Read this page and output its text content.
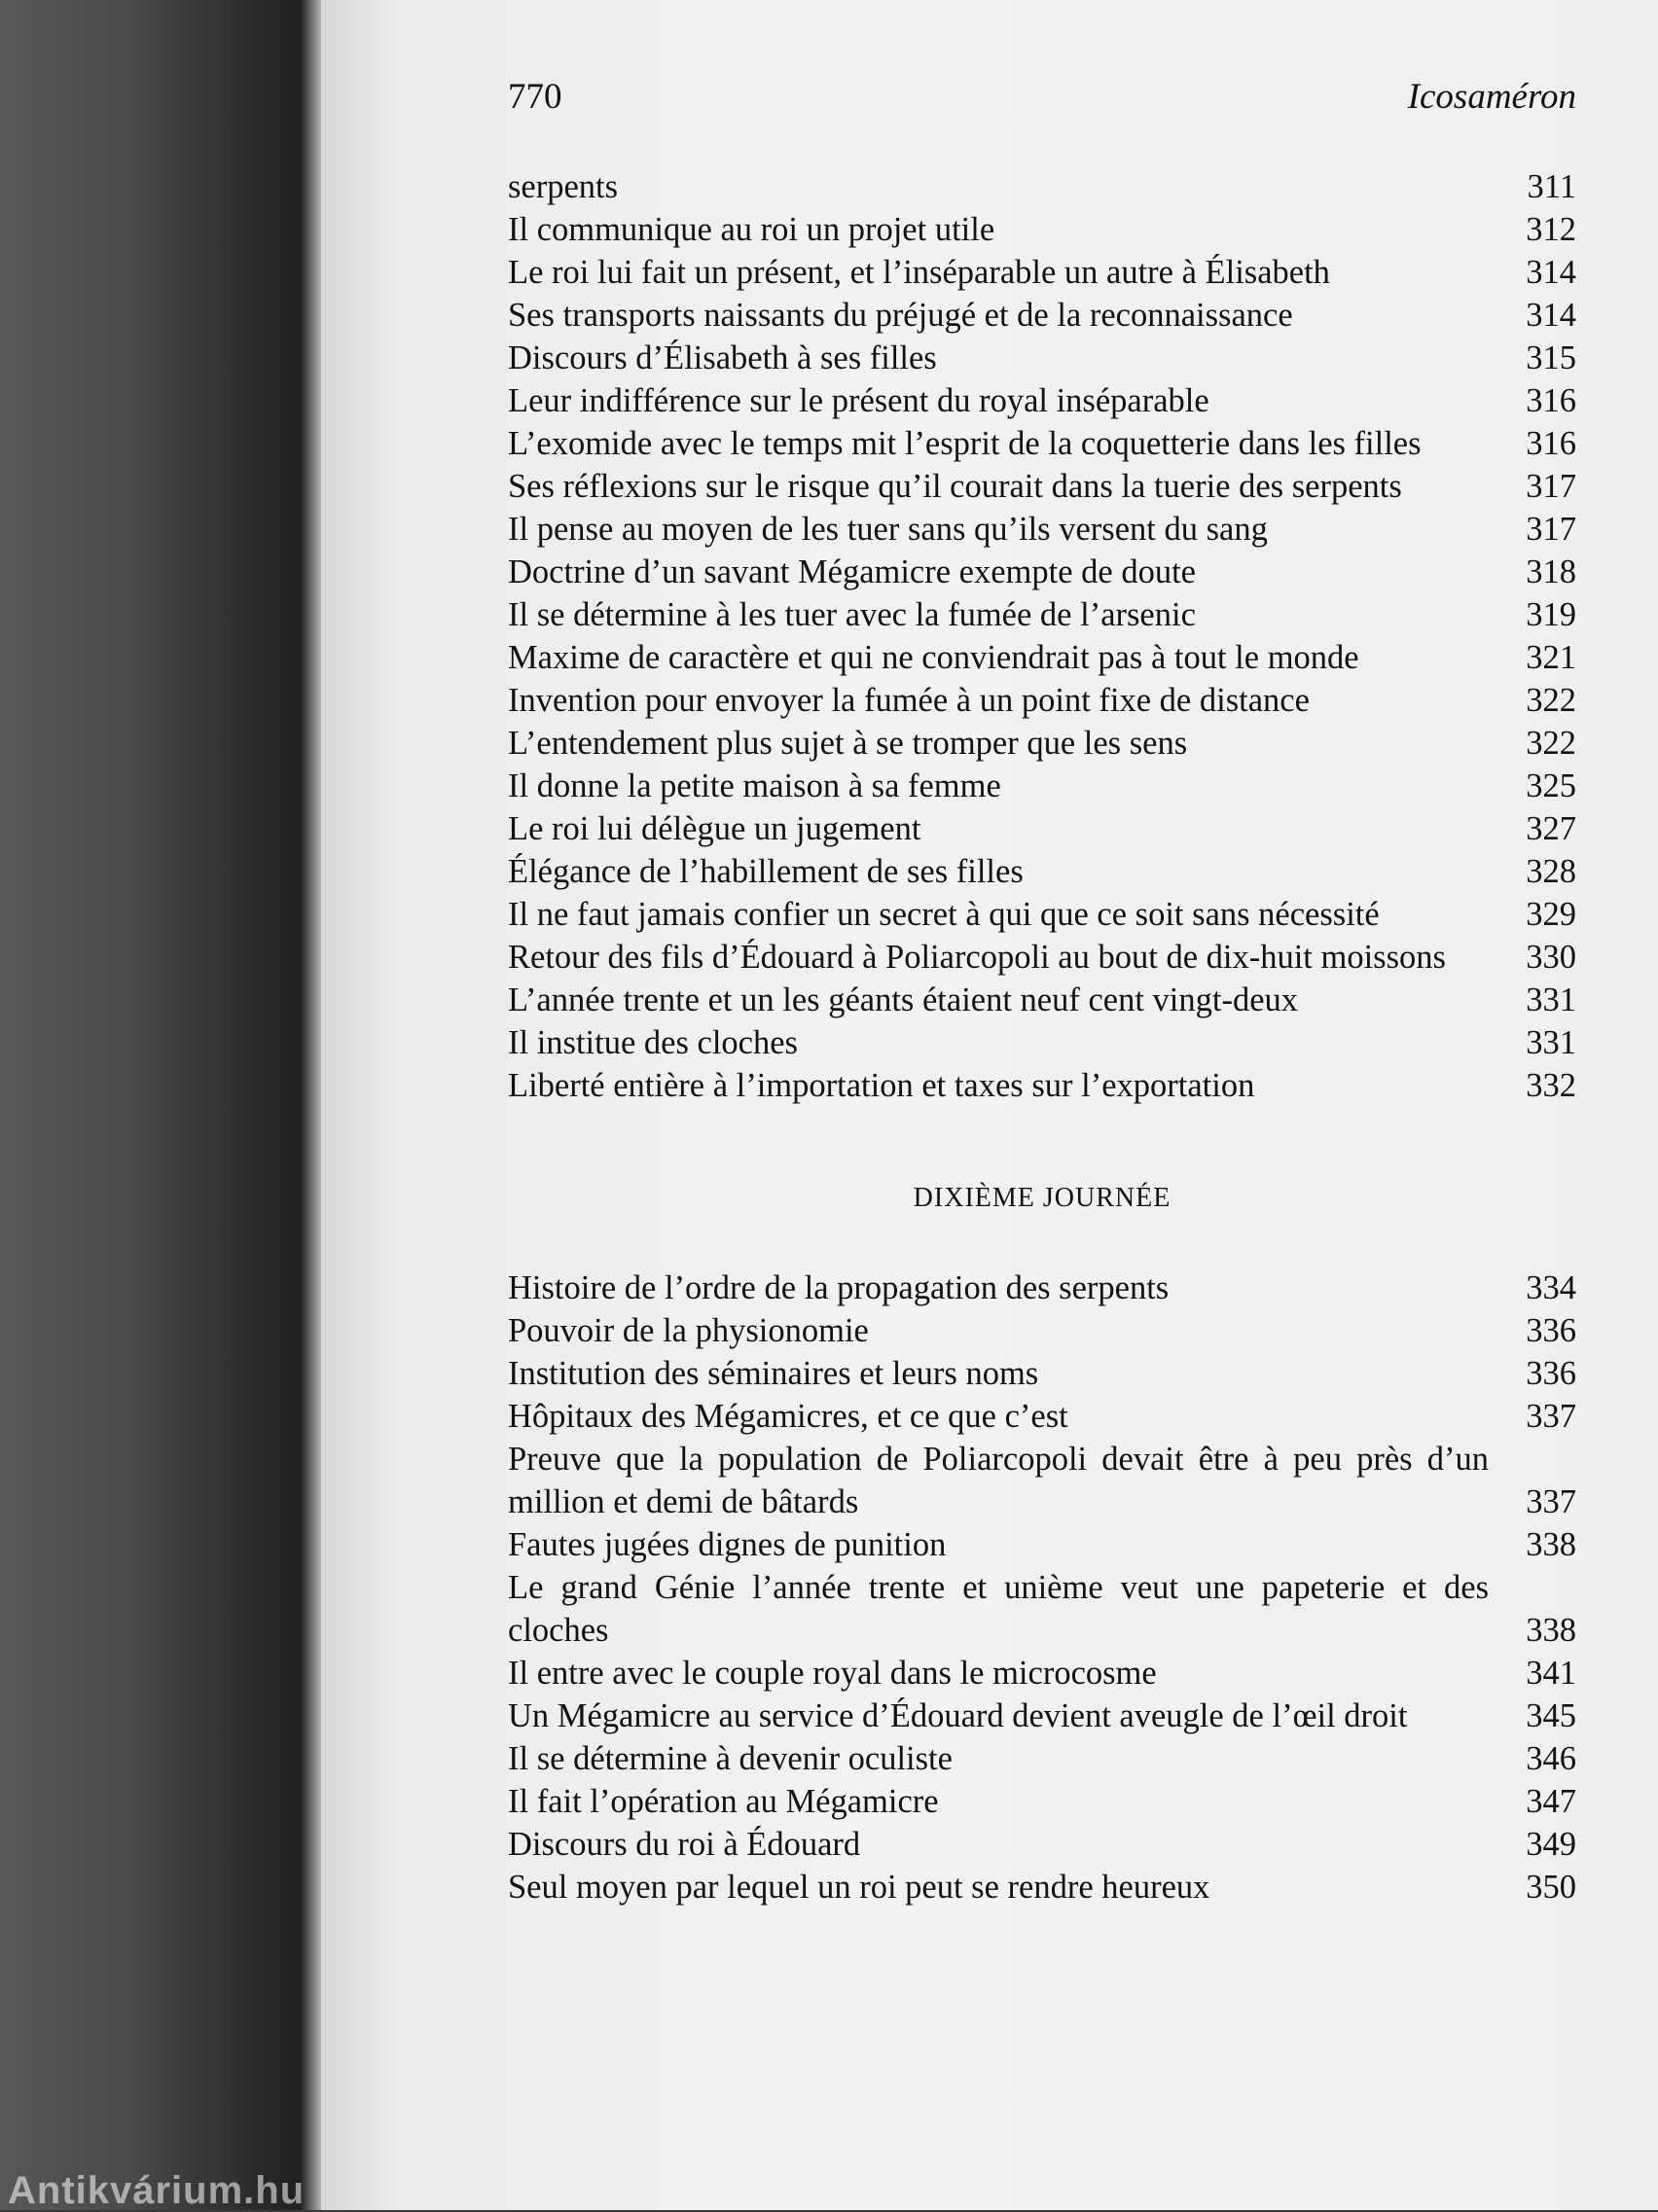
770	Icosaméron
serpents	311
Il communique au roi un projet utile	312
Le roi lui fait un présent, et l’inséparable un autre à Élisabeth	314
Ses transports naissants du préjugé et de la reconnaissance	314
Discours d’Élisabeth à ses filles	315
Leur indifférence sur le présent du royal inséparable	316
L’exomide avec le temps mit l’esprit de la coquetterie dans les filles	316
Ses réflexions sur le risque qu’il courait dans la tuerie des serpents	317
Il pense au moyen de les tuer sans qu’ils versent du sang	317
Doctrine d’un savant Mégamicre exempte de doute	318
Il se détermine à les tuer avec la fumée de l’arsenic	319
Maxime de caractère et qui ne conviendrait pas à tout le monde	321
Invention pour envoyer la fumée à un point fixe de distance	322
L’entendement plus sujet à se tromper que les sens	322
Il donne la petite maison à sa femme	325
Le roi lui délègue un jugement	327
Élégance de l’habillement de ses filles	328
Il ne faut jamais confier un secret à qui que ce soit sans nécessité	329
Retour des fils d’Édouard à Poliarcopoli au bout de dix-huit moissons	330
L’année trente et un les géants étaient neuf cent vingt-deux	331
Il institue des cloches	331
Liberté entière à l’importation et taxes sur l’exportation	332
DIXIÈME JOURNÉE
Histoire de l’ordre de la propagation des serpents	334
Pouvoir de la physionomie	336
Institution des séminaires et leurs noms	336
Hôpitaux des Mégamicres, et ce que c’est	337
Preuve que la population de Poliarcopoli devait être à peu près d’un million et demi de bâtards	337
Fautes jugées dignes de punition	338
Le grand Génie l’année trente et unième veut une papeterie et des cloches	338
Il entre avec le couple royal dans le microcosme	341
Un Mégamicre au service d’Édouard devient aveugle de l’œil droit	345
Il se détermine à devenir oculiste	346
Il fait l’opération au Mégamicre	347
Discours du roi à Édouard	349
Seul moyen par lequel un roi peut se rendre heureux	350
Antikvárium.hu
